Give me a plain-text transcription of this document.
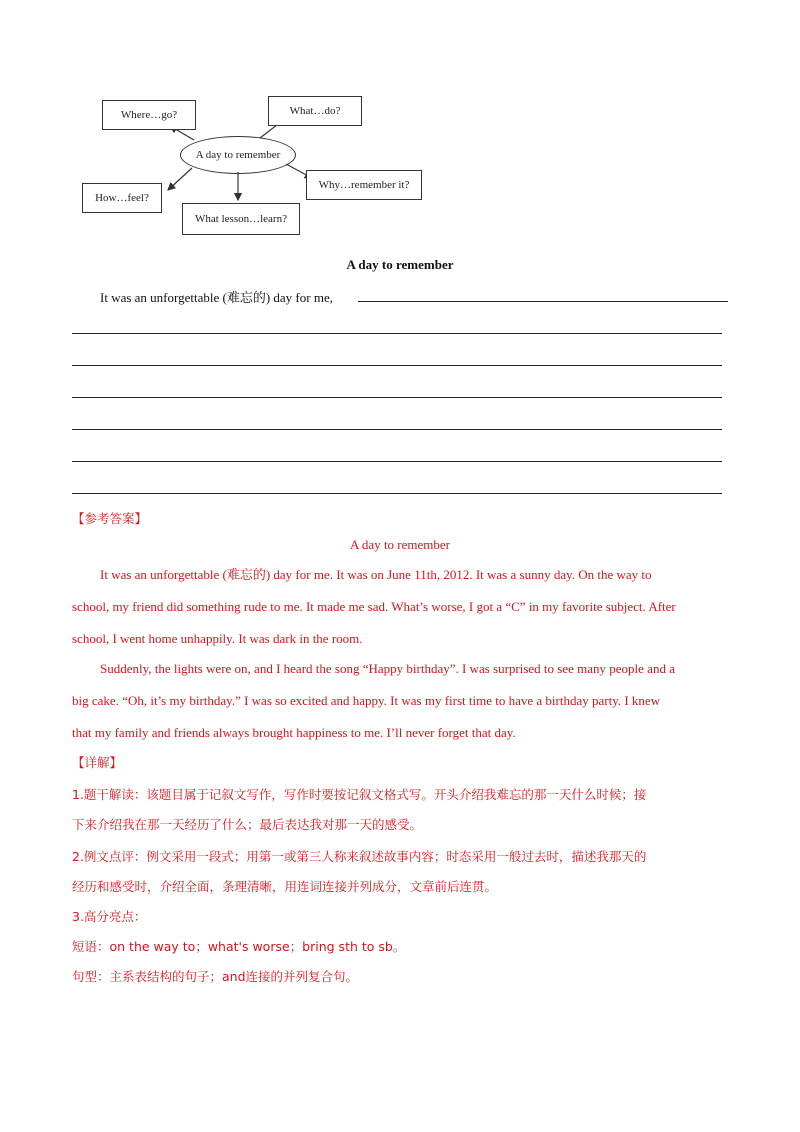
Where…go?	What…do?
A day to remember
Why…remember it?
How…feel?
What lesson…learn?
A day to remember
It was an unforgettable (难忘的) day for me,
【参考答案】
A day to remember
It was an unforgettable (难忘的) day for me. It was on June 11th, 2012. It was a sunny day. On the way to
school, my friend did something rude to me. It made me sad. What’s worse, I got a “C” in my favorite subject. After
school, I went home unhappily. It was dark in the room.
Suddenly, the lights were on, and I heard the song “Happy birthday”. I was surprised to see many people and a
big cake. “Oh, it’s my birthday.” I was so excited and happy. It was my first time to have a birthday party. I knew
that my family and friends always brought happiness to me. I’ll never forget that day.
【详解】
1.题干解读：该题目属于记叙文写作，写作时要按记叙文格式写。开头介绍我难忘的那一天什么时候；接
下来介绍我在那一天经历了什么；最后表达我对那一天的感受。
2.例文点评：例文采用一段式；用第一或第三人称来叙述故事内容；时态采用一般过去时，描述我那天的
经历和感受时，介绍全面，条理清晰，用连词连接并列成分，文章前后连贯。
3.高分亮点：
短语：on the way to；what's worse；bring sth to sb。
句型：主系表结构的句子；and连接的并列复合句。
